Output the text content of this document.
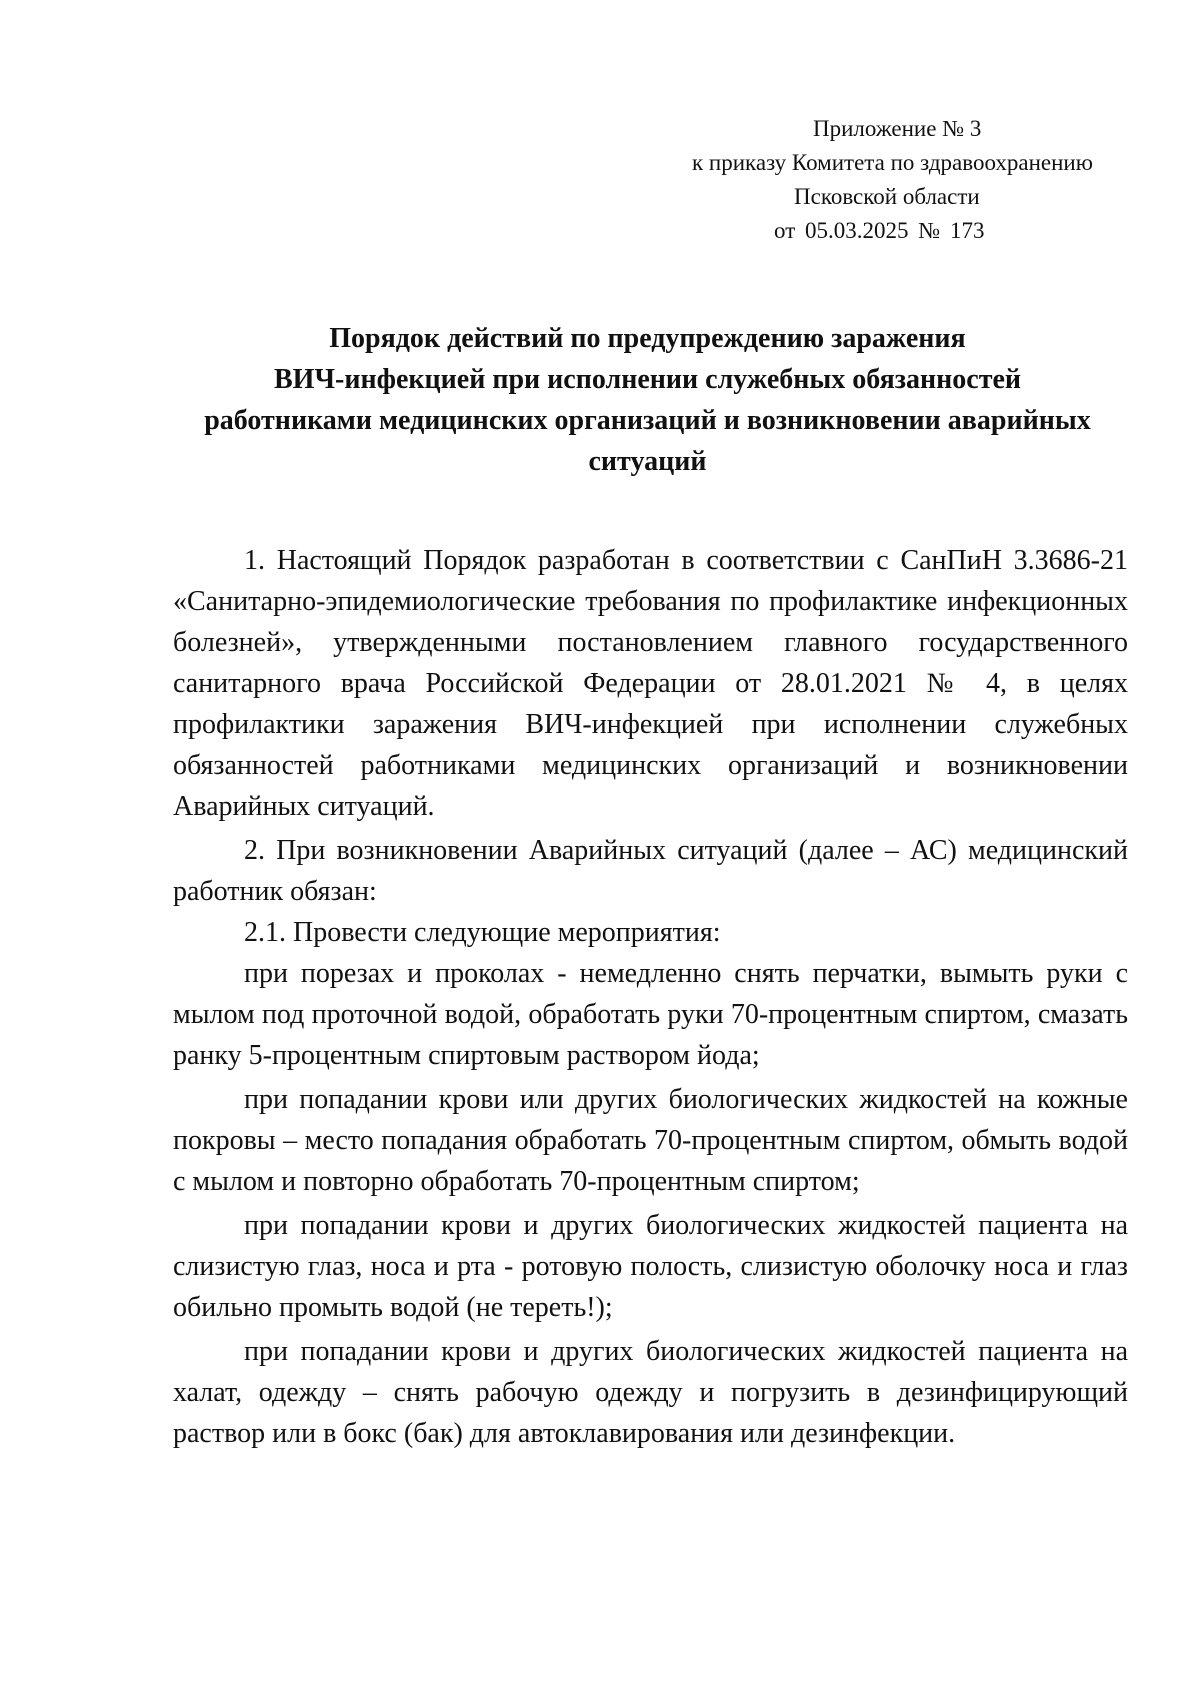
Приложение № 3
к приказу Комитета по здравоохранению
Псковской области
от 05.03.2025 № 173
Порядок действий по предупреждению заражения
ВИЧ-инфекцией при исполнении служебных обязанностей
работниками медицинских организаций и возникновении аварийных
ситуаций

1. Настоящий Порядок разработан в соответствии с СанПиН 3.3686-21 «Санитарно-эпидемиологические требования по профилактике инфекционных болезней», утвержденными постановлением главного государственного санитарного врача Российской Федерации от 28.01.2021 № 4, в целях профилактики заражения ВИЧ-инфекцией при исполнении служебных обязанностей работниками медицинских организаций и возникновении Аварийных ситуаций.

2. При возникновении Аварийных ситуаций (далее – АС) медицинский работник обязан:

2.1. Провести следующие мероприятия:

при порезах и проколах - немедленно снять перчатки, вымыть руки с мылом под проточной водой, обработать руки 70-процентным спиртом, смазать ранку 5-процентным спиртовым раствором йода;

при попадании крови или других биологических жидкостей на кожные покровы – место попадания обработать 70-процентным спиртом, обмыть водой с мылом и повторно обработать 70-процентным спиртом;

при попадании крови и других биологических жидкостей пациента на слизистую глаз, носа и рта - ротовую полость, слизистую оболочку носа и глаз обильно промыть водой (не тереть!);

при попадании крови и других биологических жидкостей пациента на халат, одежду – снять рабочую одежду и погрузить в дезинфицирующий раствор или в бокс (бак) для автоклавирования или дезинфекции.
